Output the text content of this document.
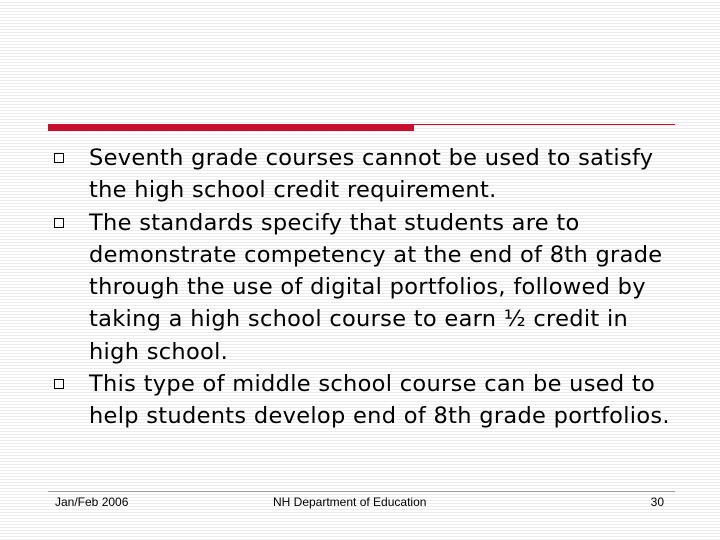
Seventh grade courses cannot be used to satisfy the high school credit requirement.
The standards specify that students are to demonstrate competency at the end of 8th grade through the use of digital portfolios, followed by taking a high school course to earn ½ credit in high school.
This type of middle school course can be used to help students develop end of 8th grade portfolios.
Jan/Feb 2006	NH Department of Education	30
